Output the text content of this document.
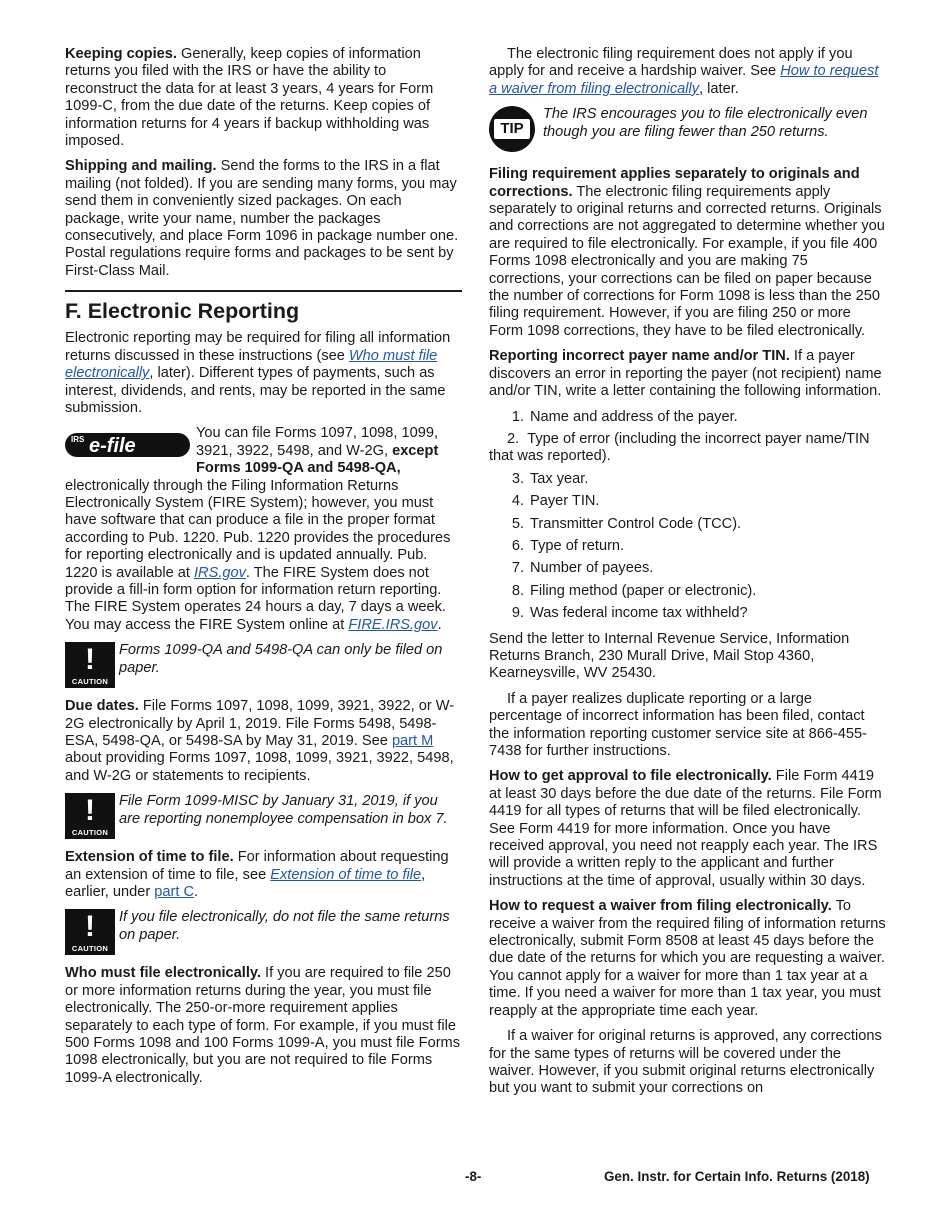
Keeping copies. Generally, keep copies of information returns you filed with the IRS or have the ability to reconstruct the data for at least 3 years, 4 years for Form 1099-C, from the due date of the returns. Keep copies of information returns for 4 years if backup withholding was imposed.

Shipping and mailing. Send the forms to the IRS in a flat mailing (not folded). If you are sending many forms, you may send them in conveniently sized packages. On each package, write your name, number the packages consecutively, and place Form 1096 in package number one. Postal regulations require forms and packages to be sent by First-Class Mail.

F. Electronic Reporting

Electronic reporting may be required for filing all information returns discussed in these instructions (see Who must file electronically, later). Different types of payments, such as interest, dividends, and rents, may be reported in the same submission.

IRS e-file
You can file Forms 1097, 1098, 1099, 3921, 3922, 5498, and W-2G, except Forms 1099-QA and 5498-QA, electronically through the Filing Information Returns Electronically System (FIRE System); however, you must have software that can produce a file in the proper format according to Pub. 1220. Pub. 1220 provides the procedures for reporting electronically and is updated annually. Pub. 1220 is available at IRS.gov. The FIRE System does not provide a fill-in form option for information return reporting. The FIRE System operates 24 hours a day, 7 days a week. You may access the FIRE System online at FIRE.IRS.gov.

!
CAUTION
Forms 1099-QA and 5498-QA can only be filed on paper.

Due dates. File Forms 1097, 1098, 1099, 3921, 3922, or W-2G electronically by April 1, 2019. File Forms 5498, 5498-ESA, 5498-QA, or 5498-SA by May 31, 2019. See part M about providing Forms 1097, 1098, 1099, 3921, 3922, 5498, and W-2G or statements to recipients.

!
CAUTION
File Form 1099-MISC by January 31, 2019, if you are reporting nonemployee compensation in box 7.

Extension of time to file. For information about requesting an extension of time to file, see Extension of time to file, earlier, under part C.

!
CAUTION
If you file electronically, do not file the same returns on paper.

Who must file electronically. If you are required to file 250 or more information returns during the year, you must file electronically. The 250-or-more requirement applies separately to each type of form. For example, if you must file 500 Forms 1098 and 100 Forms 1099-A, you must file Forms 1098 electronically, but you are not required to file Forms 1099-A electronically.

The electronic filing requirement does not apply if you apply for and receive a hardship waiver. See How to request a waiver from filing electronically, later.

TIP
The IRS encourages you to file electronically even though you are filing fewer than 250 returns.

Filing requirement applies separately to originals and corrections. The electronic filing requirements apply separately to original returns and corrected returns. Originals and corrections are not aggregated to determine whether you are required to file electronically. For example, if you file 400 Forms 1098 electronically and you are making 75 corrections, your corrections can be filed on paper because the number of corrections for Form 1098 is less than the 250 filing requirement. However, if you are filing 250 or more Form 1098 corrections, they have to be filed electronically.

Reporting incorrect payer name and/or TIN. If a payer discovers an error in reporting the payer (not recipient) name and/or TIN, write a letter containing the following information.

1. Name and address of the payer.
2. Type of error (including the incorrect payer name/TIN that was reported).
3. Tax year.
4. Payer TIN.
5. Transmitter Control Code (TCC).
6. Type of return.
7. Number of payees.
8. Filing method (paper or electronic).
9. Was federal income tax withheld?

Send the letter to Internal Revenue Service, Information Returns Branch, 230 Murall Drive, Mail Stop 4360, Kearneysville, WV 25430.

If a payer realizes duplicate reporting or a large percentage of incorrect information has been filed, contact the information reporting customer service site at 866-455-7438 for further instructions.

How to get approval to file electronically. File Form 4419 at least 30 days before the due date of the returns. File Form 4419 for all types of returns that will be filed electronically. See Form 4419 for more information. Once you have received approval, you need not reapply each year. The IRS will provide a written reply to the applicant and further instructions at the time of approval, usually within 30 days.

How to request a waiver from filing electronically. To receive a waiver from the required filing of information returns electronically, submit Form 8508 at least 45 days before the due date of the returns for which you are requesting a waiver. You cannot apply for a waiver for more than 1 tax year at a time. If you need a waiver for more than 1 tax year, you must reapply at the appropriate time each year.

If a waiver for original returns is approved, any corrections for the same types of returns will be covered under the waiver. However, if you submit original returns electronically but you want to submit your corrections on

-8-	Gen. Instr. for Certain Info. Returns (2018)
